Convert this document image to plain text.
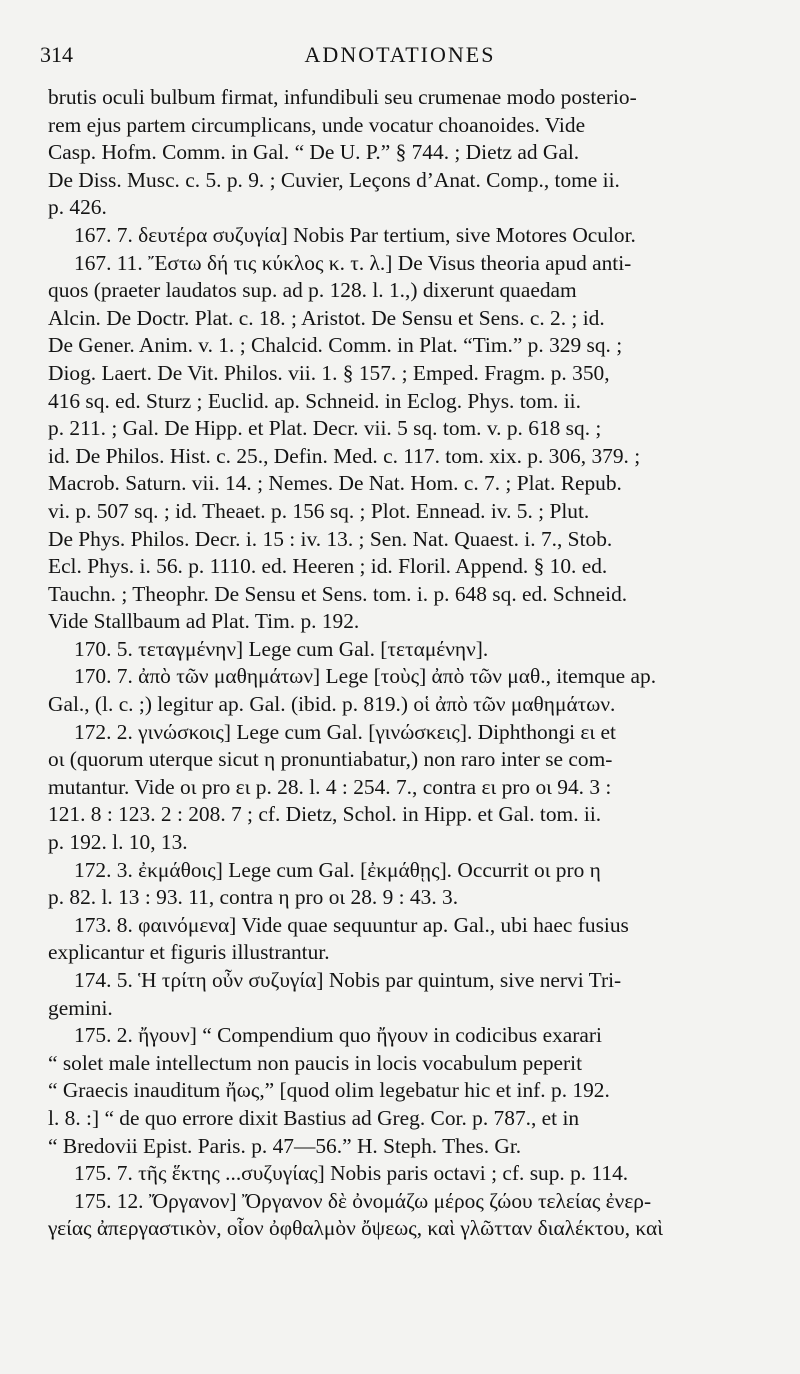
314	ADNOTATIONES
brutis oculi bulbum firmat, infundibuli seu crumenae modo posterio-
rem ejus partem circumplicans, unde vocatur choanoides. Vide
Casp. Hofm. Comm. in Gal. “ De U. P.” § 744. ; Dietz ad Gal.
De Diss. Musc. c. 5. p. 9. ; Cuvier, Leçons d’Anat. Comp., tome ii.
p. 426.
167. 7. δευτέρα συζυγία] Nobis Par tertium, sive Motores Oculor.
167. 11. Ἔστω δή τις κύκλος κ. τ. λ.] De Visus theoria apud anti-
quos (praeter laudatos sup. ad p. 128. l. 1.,) dixerunt quaedam
Alcin. De Doctr. Plat. c. 18. ; Aristot. De Sensu et Sens. c. 2. ; id.
De Gener. Anim. v. 1. ; Chalcid. Comm. in Plat. “Tim.” p. 329 sq. ;
Diog. Laert. De Vit. Philos. vii. 1. § 157. ; Emped. Fragm. p. 350,
416 sq. ed. Sturz ; Euclid. ap. Schneid. in Eclog. Phys. tom. ii.
p. 211. ; Gal. De Hipp. et Plat. Decr. vii. 5 sq. tom. v. p. 618 sq. ;
id. De Philos. Hist. c. 25., Defin. Med. c. 117. tom. xix. p. 306, 379. ;
Macrob. Saturn. vii. 14. ; Nemes. De Nat. Hom. c. 7. ; Plat. Repub.
vi. p. 507 sq. ; id. Theaet. p. 156 sq. ; Plot. Ennead. iv. 5. ; Plut.
De Phys. Philos. Decr. i. 15 : iv. 13. ; Sen. Nat. Quaest. i. 7., Stob.
Ecl. Phys. i. 56. p. 1110. ed. Heeren ; id. Floril. Append. § 10. ed.
Tauchn. ; Theophr. De Sensu et Sens. tom. i. p. 648 sq. ed. Schneid.
Vide Stallbaum ad Plat. Tim. p. 192.
170. 5. τεταγμένην] Lege cum Gal. [τεταμένην].
170. 7. ἀπὸ τῶν μαθημάτων] Lege [τοὺς] ἀπὸ τῶν μαθ., itemque ap.
Gal., (l. c. ;) legitur ap. Gal. (ibid. p. 819.) οἱ ἀπὸ τῶν μαθημάτων.
172. 2. γινώσκοις] Lege cum Gal. [γινώσκεις]. Diphthongi ει et
οι (quorum uterque sicut η pronuntiabatur,) non raro inter se com-
mutantur. Vide οι pro ει p. 28. l. 4 : 254. 7., contra ει pro οι 94. 3 :
121. 8 : 123. 2 : 208. 7 ; cf. Dietz, Schol. in Hipp. et Gal. tom. ii.
p. 192. l. 10, 13.
172. 3. ἐκμάθοις] Lege cum Gal. [ἐκμάθῃς]. Occurrit οι pro η
p. 82. l. 13 : 93. 11, contra η pro οι 28. 9 : 43. 3.
173. 8. φαινόμενα] Vide quae sequuntur ap. Gal., ubi haec fusius
explicantur et figuris illustrantur.
174. 5. Ἡ τρίτη οὖν συζυγία] Nobis par quintum, sive nervi Tri-
gemini.
175. 2. ἤγουν] “ Compendium quo ἤγουν in codicibus exarari
“ solet male intellectum non paucis in locis vocabulum peperit
“ Graecis inauditum ἤως,” [quod olim legebatur hic et inf. p. 192.
l. 8. :] “ de quo errore dixit Bastius ad Greg. Cor. p. 787., et in
“ Bredovii Epist. Paris. p. 47—56.” H. Steph. Thes. Gr.
175. 7. τῆς ἕκτης ...συζυγίας] Nobis paris octavi ; cf. sup. p. 114.
175. 12. Ὄργανον] Ὄργανον δὲ ὀνομάζω μέρος ζώου τελείας ἐνερ-
γείας ἀπεργαστικὸν, οἷον ὀφθαλμὸν ὄψεως, καὶ γλῶτταν διαλέκτου, καὶ
